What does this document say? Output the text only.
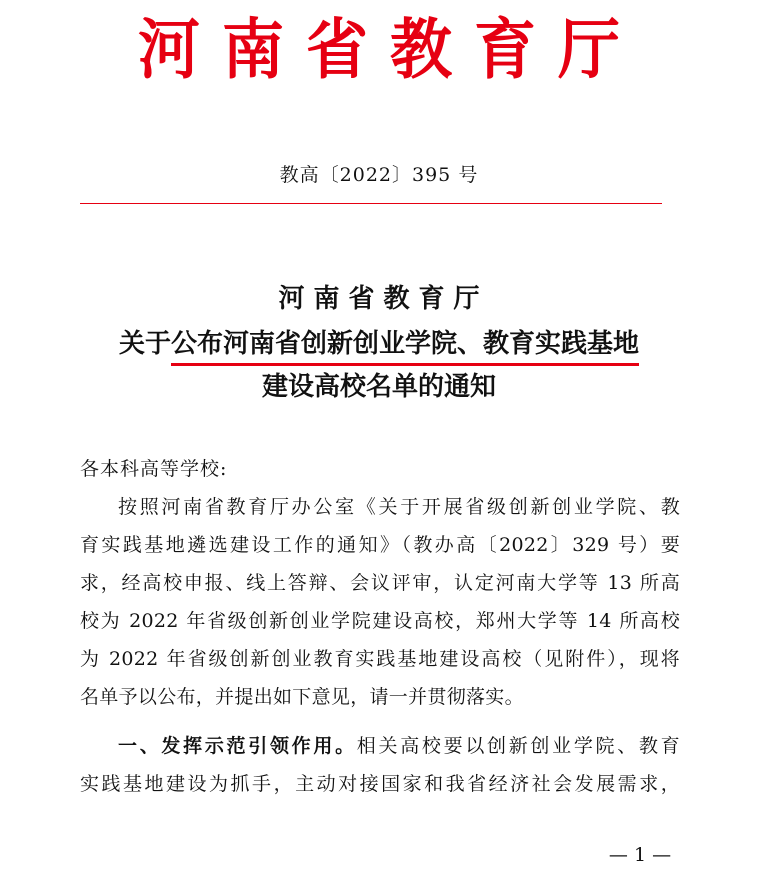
河南省教育厅
教高〔2022〕395 号
河南省教育厅
关于公布河南省创新创业学院、教育实践基地
建设高校名单的通知
各本科高等学校:
按照河南省教育厅办公室《关于开展省级创新创业学院、教
育实践基地遴选建设工作的通知》（教办高〔2022〕329 号）要
求，经高校申报、线上答辩、会议评审，认定河南大学等 13 所高
校为 2022 年省级创新创业学院建设高校，郑州大学等 14 所高校
为 2022 年省级创新创业教育实践基地建设高校（见附件），现将
名单予以公布，并提出如下意见，请一并贯彻落实。
一、发挥示范引领作用。相关高校要以创新创业学院、教育
实践基地建设为抓手，主动对接国家和我省经济社会发展需求，
— 1 —
